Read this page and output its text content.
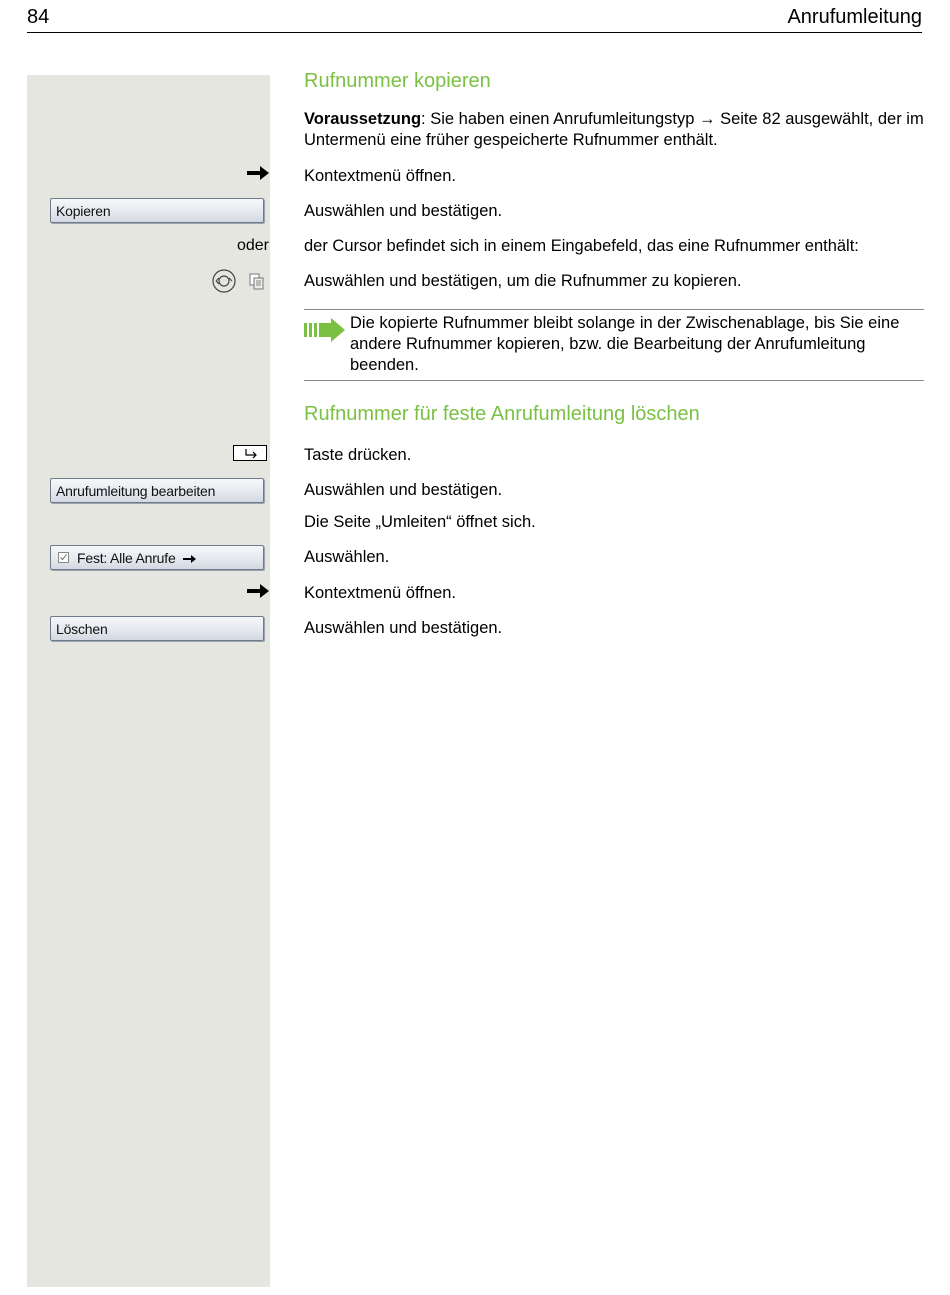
84	Anrufumleitung
Rufnummer kopieren
Voraussetzung: Sie haben einen Anrufumleitungstyp → Seite 82 ausgewählt, der im Untermenü eine früher gespeicherte Rufnummer enthält.
Kontextmenü öffnen.
Kopieren	Auswählen und bestätigen.
oder der Cursor befindet sich in einem Eingabefeld, das eine Rufnummer enthält:
Auswählen und bestätigen, um die Rufnummer zu kopieren.
Die kopierte Rufnummer bleibt solange in der Zwischenablage, bis Sie eine andere Rufnummer kopieren, bzw. die Bearbeitung der Anrufumleitung beenden.
Rufnummer für feste Anrufumleitung löschen
Taste drücken.
Anrufumleitung bearbeiten	Auswählen und bestätigen.
Die Seite „Umleiten“ öffnet sich.
Fest: Alle Anrufe	Auswählen.
Kontextmenü öffnen.
Löschen	Auswählen und bestätigen.
